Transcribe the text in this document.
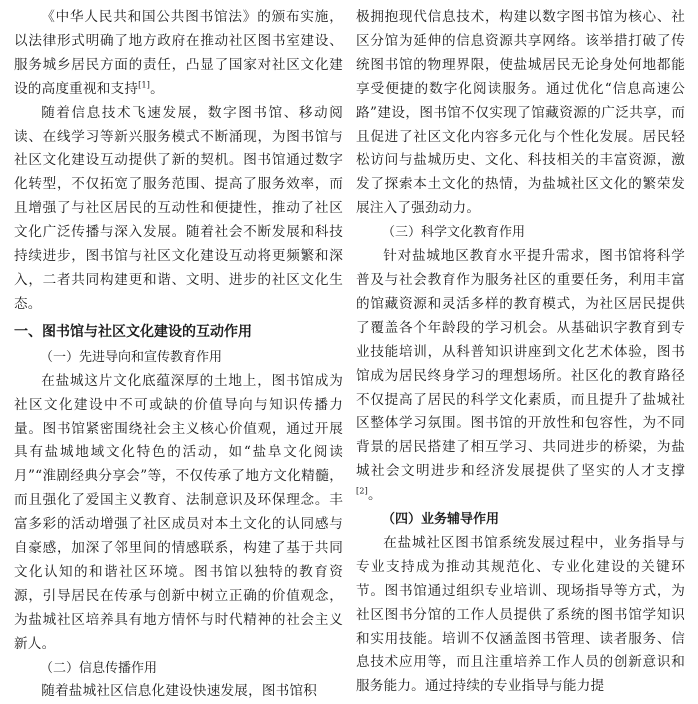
《中华人民共和国公共图书馆法》的颁布实施，以法律形式明确了地方政府在推动社区图书室建设、服务城乡居民方面的责任，凸显了国家对社区文化建设的高度重视和支持[1]。

随着信息技术飞速发展，数字图书馆、移动阅读、在线学习等新兴服务模式不断涌现，为图书馆与社区文化建设互动提供了新的契机。图书馆通过数字化转型，不仅拓宽了服务范围、提高了服务效率，而且增强了与社区居民的互动性和便捷性，推动了社区文化广泛传播与深入发展。随着社会不断发展和科技持续进步，图书馆与社区文化建设互动将更频繁和深入，二者共同构建更和谐、文明、进步的社区文化生态。

一、图书馆与社区文化建设的互动作用

（一）先进导向和宣传教育作用

在盐城这片文化底蕴深厚的土地上，图书馆成为社区文化建设中不可或缺的价值导向与知识传播力量。图书馆紧密围绕社会主义核心价值观，通过开展具有盐城地域文化特色的活动，如“盐阜文化阅读月”“淮剧经典分享会”等，不仅传承了地方文化精髓，而且强化了爱国主义教育、法制意识及环保理念。丰富多彩的活动增强了社区成员对本土文化的认同感与自豪感，加深了邻里间的情感联系，构建了基于共同文化认知的和谐社区环境。图书馆以独特的教育资源，引导居民在传承与创新中树立正确的价值观念，为盐城社区培养具有地方情怀与时代精神的社会主义新人。

（二）信息传播作用

随着盐城社区信息化建设快速发展，图书馆积

极拥抱现代信息技术，构建以数字图书馆为核心、社区分馆为延伸的信息资源共享网络。该举措打破了传统图书馆的物理界限，使盐城居民无论身处何地都能享受便捷的数字化阅读服务。通过优化“信息高速公路”建设，图书馆不仅实现了馆藏资源的广泛共享，而且促进了社区文化内容多元化与个性化发展。居民轻松访问与盐城历史、文化、科技相关的丰富资源，激发了探索本土文化的热情，为盐城社区文化的繁荣发展注入了强劲动力。

（三）科学文化教育作用

针对盐城地区教育水平提升需求，图书馆将科学普及与社会教育作为服务社区的重要任务，利用丰富的馆藏资源和灵活多样的教育模式，为社区居民提供了覆盖各个年龄段的学习机会。从基础识字教育到专业技能培训，从科普知识讲座到文化艺术体验，图书馆成为居民终身学习的理想场所。社区化的教育路径不仅提高了居民的科学文化素质，而且提升了盐城社区整体学习氛围。图书馆的开放性和包容性，为不同背景的居民搭建了相互学习、共同进步的桥梁，为盐城社会文明进步和经济发展提供了坚实的人才支撑[2]。

（四）业务辅导作用

在盐城社区图书馆系统发展过程中，业务指导与专业支持成为推动其规范化、专业化建设的关键环节。图书馆通过组织专业培训、现场指导等方式，为社区图书分馆的工作人员提供了系统的图书馆学知识和实用技能。培训不仅涵盖图书管理、读者服务、信息技术应用等，而且注重培养工作人员的创新意识和服务能力。通过持续的专业指导与能力提
